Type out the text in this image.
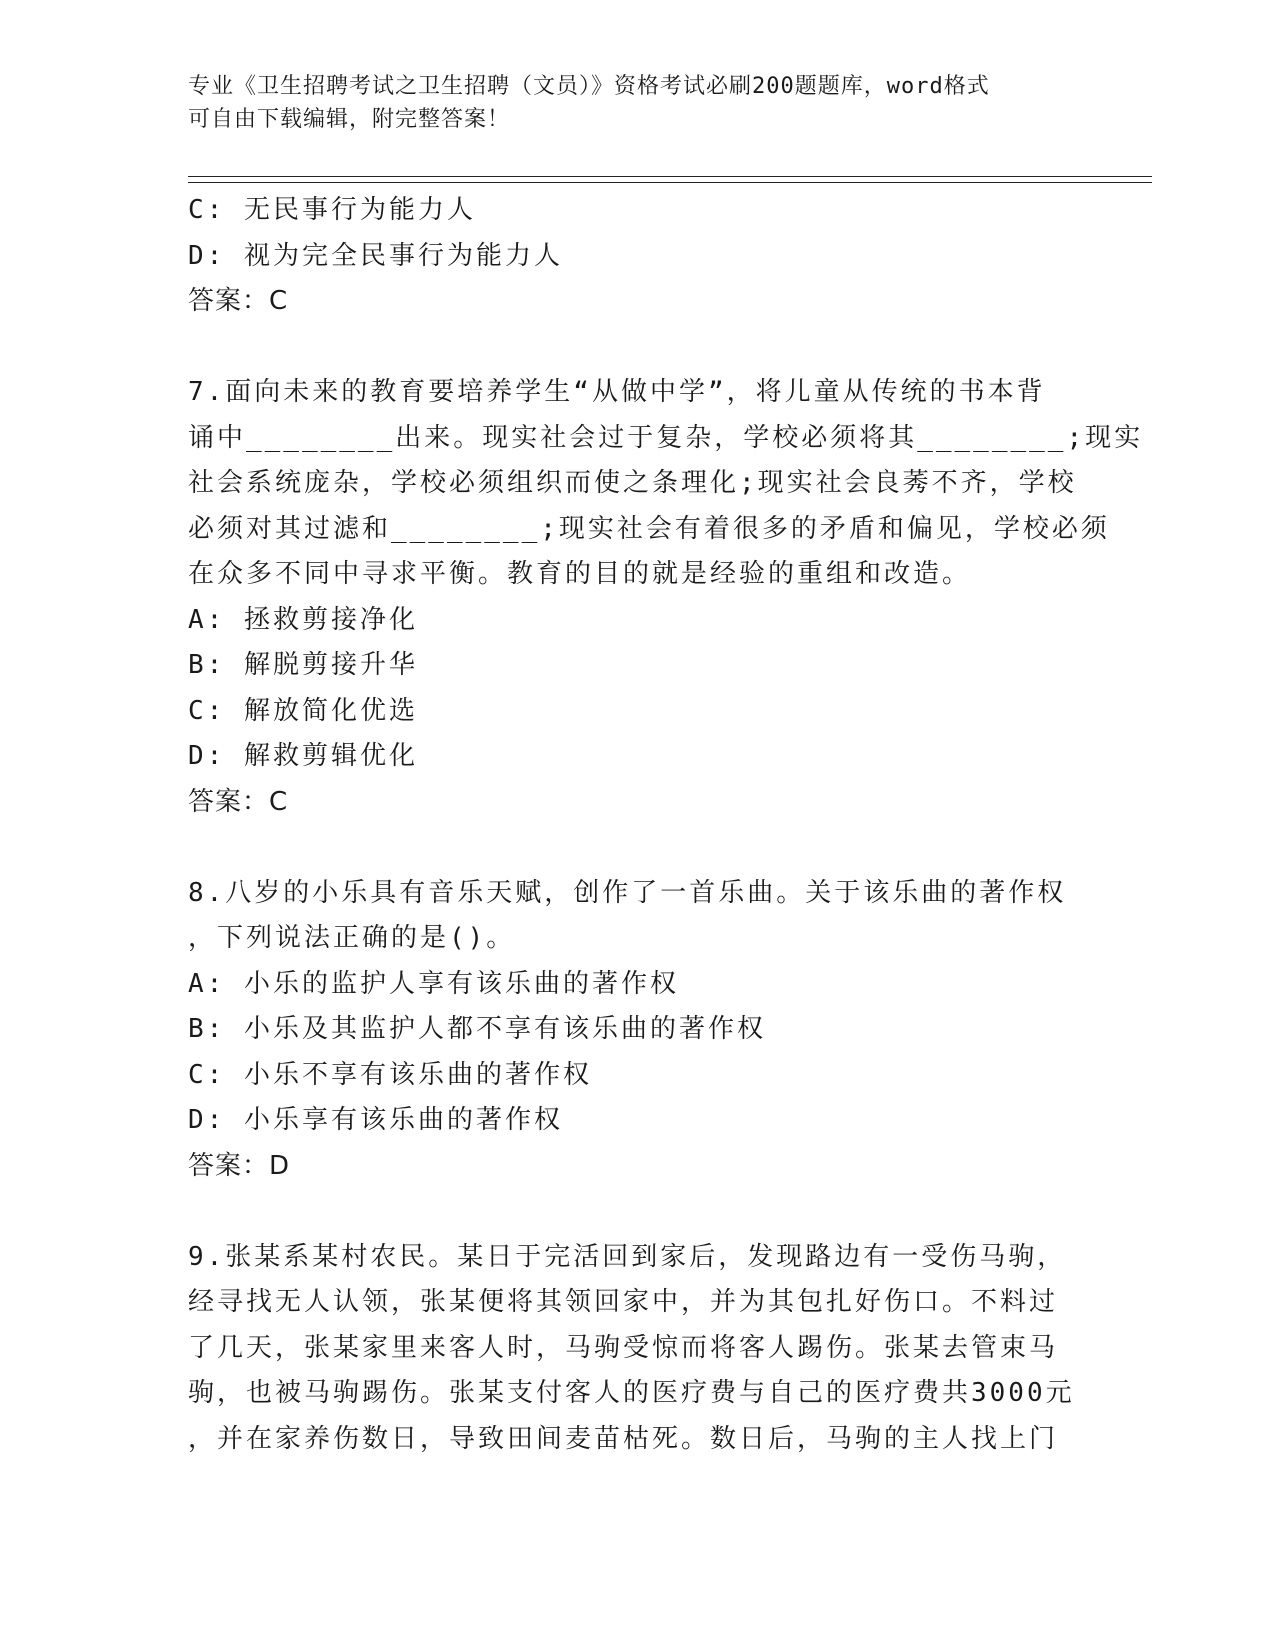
专业《卫生招聘考试之卫生招聘（文员）》资格考试必刷200题题库，word格式
可自由下载编辑，附完整答案！
C: 无民事行为能力人
D: 视为完全民事行为能力人
答案：C
7.面向未来的教育要培养学生“从做中学”，将儿童从传统的书本背
诵中________出来。现实社会过于复杂，学校必须将其________;现实
社会系统庞杂，学校必须组织而使之条理化;现实社会良莠不齐，学校
必须对其过滤和________;现实社会有着很多的矛盾和偏见，学校必须
在众多不同中寻求平衡。教育的目的就是经验的重组和改造。
A: 拯救剪接净化
B: 解脱剪接升华
C: 解放简化优选
D: 解救剪辑优化
答案：C
8.八岁的小乐具有音乐天赋，创作了一首乐曲。关于该乐曲的著作权
，下列说法正确的是()。
A: 小乐的监护人享有该乐曲的著作权
B: 小乐及其监护人都不享有该乐曲的著作权
C: 小乐不享有该乐曲的著作权
D: 小乐享有该乐曲的著作权
答案：D
9.张某系某村农民。某日于完活回到家后，发现路边有一受伤马驹，
经寻找无人认领，张某便将其领回家中，并为其包扎好伤口。不料过
了几天，张某家里来客人时，马驹受惊而将客人踢伤。张某去管束马
驹，也被马驹踢伤。张某支付客人的医疗费与自己的医疗费共3000元
，并在家养伤数日，导致田间麦苗枯死。数日后，马驹的主人找上门
